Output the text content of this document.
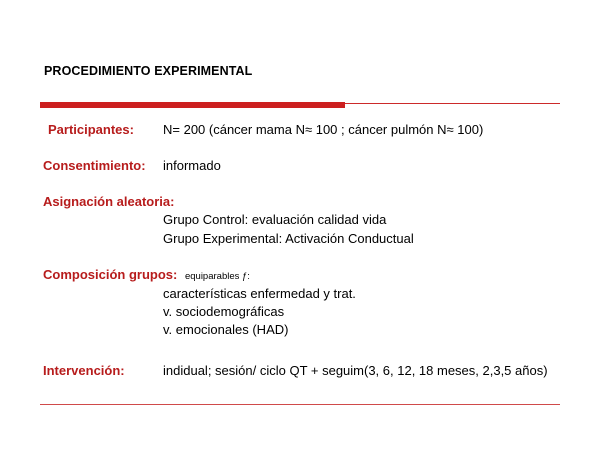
PROCEDIMIENTO EXPERIMENTAL
Participantes: N= 200 (cáncer mama N≈ 100 ; cáncer pulmón N≈ 100)
Consentimiento: informado
Asignación aleatoria:
Grupo Control: evaluación calidad vida
Grupo Experimental: Activación Conductual
Composición grupos: equiparables ƒ:
características enfermedad y trat.
v. sociodemográficas
v. emocionales (HAD)
Intervención:	indidual; sesión/ ciclo QT + seguim(3, 6, 12, 18 meses, 2,3,5 años)
